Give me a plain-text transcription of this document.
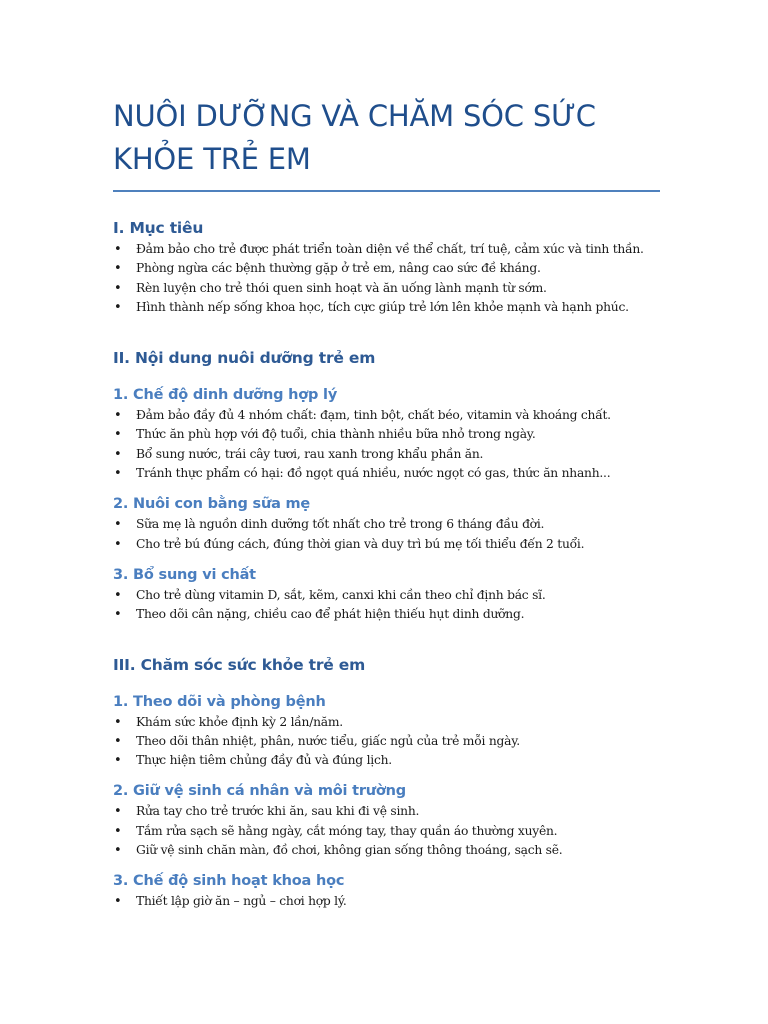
NUÔI DƯỠNG VÀ CHĂM SÓC SỨC KHỎE TRẺ EM
I. Mục tiêu
• Đảm bảo cho trẻ được phát triển toàn diện về thể chất, trí tuệ, cảm xúc và tinh thần.
• Phòng ngừa các bệnh thường gặp ở trẻ em, nâng cao sức đề kháng.
• Rèn luyện cho trẻ thói quen sinh hoạt và ăn uống lành mạnh từ sớm.
• Hình thành nếp sống khoa học, tích cực giúp trẻ lớn lên khỏe mạnh và hạnh phúc.
II. Nội dung nuôi dưỡng trẻ em
1. Chế độ dinh dưỡng hợp lý
• Đảm bảo đầy đủ 4 nhóm chất: đạm, tinh bột, chất béo, vitamin và khoáng chất.
• Thức ăn phù hợp với độ tuổi, chia thành nhiều bữa nhỏ trong ngày.
• Bổ sung nước, trái cây tươi, rau xanh trong khẩu phần ăn.
• Tránh thực phẩm có hại: đồ ngọt quá nhiều, nước ngọt có gas, thức ăn nhanh...
2. Nuôi con bằng sữa mẹ
• Sữa mẹ là nguồn dinh dưỡng tốt nhất cho trẻ trong 6 tháng đầu đời.
• Cho trẻ bú đúng cách, đúng thời gian và duy trì bú mẹ tối thiểu đến 2 tuổi.
3. Bổ sung vi chất
• Cho trẻ dùng vitamin D, sắt, kẽm, canxi khi cần theo chỉ định bác sĩ.
• Theo dõi cân nặng, chiều cao để phát hiện thiếu hụt dinh dưỡng.
III. Chăm sóc sức khỏe trẻ em
1. Theo dõi và phòng bệnh
• Khám sức khỏe định kỳ 2 lần/năm.
• Theo dõi thân nhiệt, phân, nước tiểu, giấc ngủ của trẻ mỗi ngày.
• Thực hiện tiêm chủng đầy đủ và đúng lịch.
2. Giữ vệ sinh cá nhân và môi trường
• Rửa tay cho trẻ trước khi ăn, sau khi đi vệ sinh.
• Tắm rửa sạch sẽ hằng ngày, cắt móng tay, thay quần áo thường xuyên.
• Giữ vệ sinh chăn màn, đồ chơi, không gian sống thông thoáng, sạch sẽ.
3. Chế độ sinh hoạt khoa học
• Thiết lập giờ ăn – ngủ – chơi hợp lý.
